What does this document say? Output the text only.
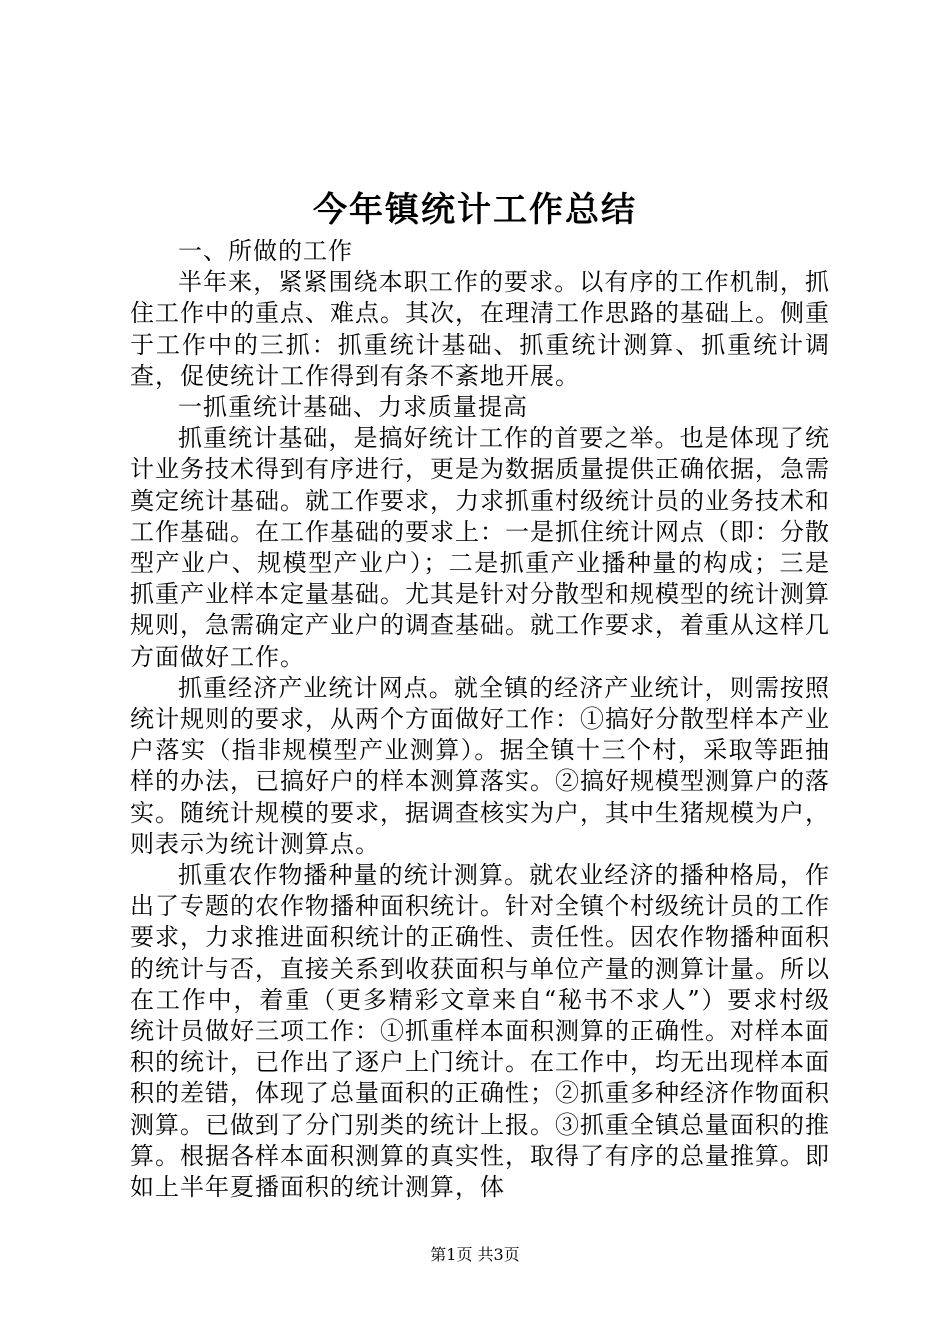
今年镇统计工作总结

一、所做的工作

半年来，紧紧围绕本职工作的要求。以有序的工作机制，抓住工作中的重点、难点。其次，在理清工作思路的基础上。侧重于工作中的三抓：抓重统计基础、抓重统计测算、抓重统计调查，促使统计工作得到有条不紊地开展。

一抓重统计基础、力求质量提高

抓重统计基础，是搞好统计工作的首要之举。也是体现了统计业务技术得到有序进行，更是为数据质量提供正确依据，急需奠定统计基础。就工作要求，力求抓重村级统计员的业务技术和工作基础。在工作基础的要求上：一是抓住统计网点（即：分散型产业户、规模型产业户）；二是抓重产业播种量的构成；三是抓重产业样本定量基础。尤其是针对分散型和规模型的统计测算规则，急需确定产业户的调查基础。就工作要求，着重从这样几方面做好工作。

抓重经济产业统计网点。就全镇的经济产业统计，则需按照统计规则的要求，从两个方面做好工作：①搞好分散型样本产业户落实（指非规模型产业测算）。据全镇十三个村，采取等距抽样的办法，已搞好户的样本测算落实。②搞好规模型测算户的落实。随统计规模的要求，据调查核实为户，其中生猪规模为户，则表示为统计测算点。

抓重农作物播种量的统计测算。就农业经济的播种格局，作出了专题的农作物播种面积统计。针对全镇个村级统计员的工作要求，力求推进面积统计的正确性、责任性。因农作物播种面积的统计与否，直接关系到收获面积与单位产量的测算计量。所以在工作中，着重（更多精彩文章来自“秘书不求人”）要求村级统计员做好三项工作：①抓重样本面积测算的正确性。对样本面积的统计，已作出了逐户上门统计。在工作中，均无出现样本面积的差错，体现了总量面积的正确性；②抓重多种经济作物面积测算。已做到了分门别类的统计上报。③抓重全镇总量面积的推算。根据各样本面积测算的真实性，取得了有序的总量推算。即如上半年夏播面积的统计测算，体

第1页 共3页
